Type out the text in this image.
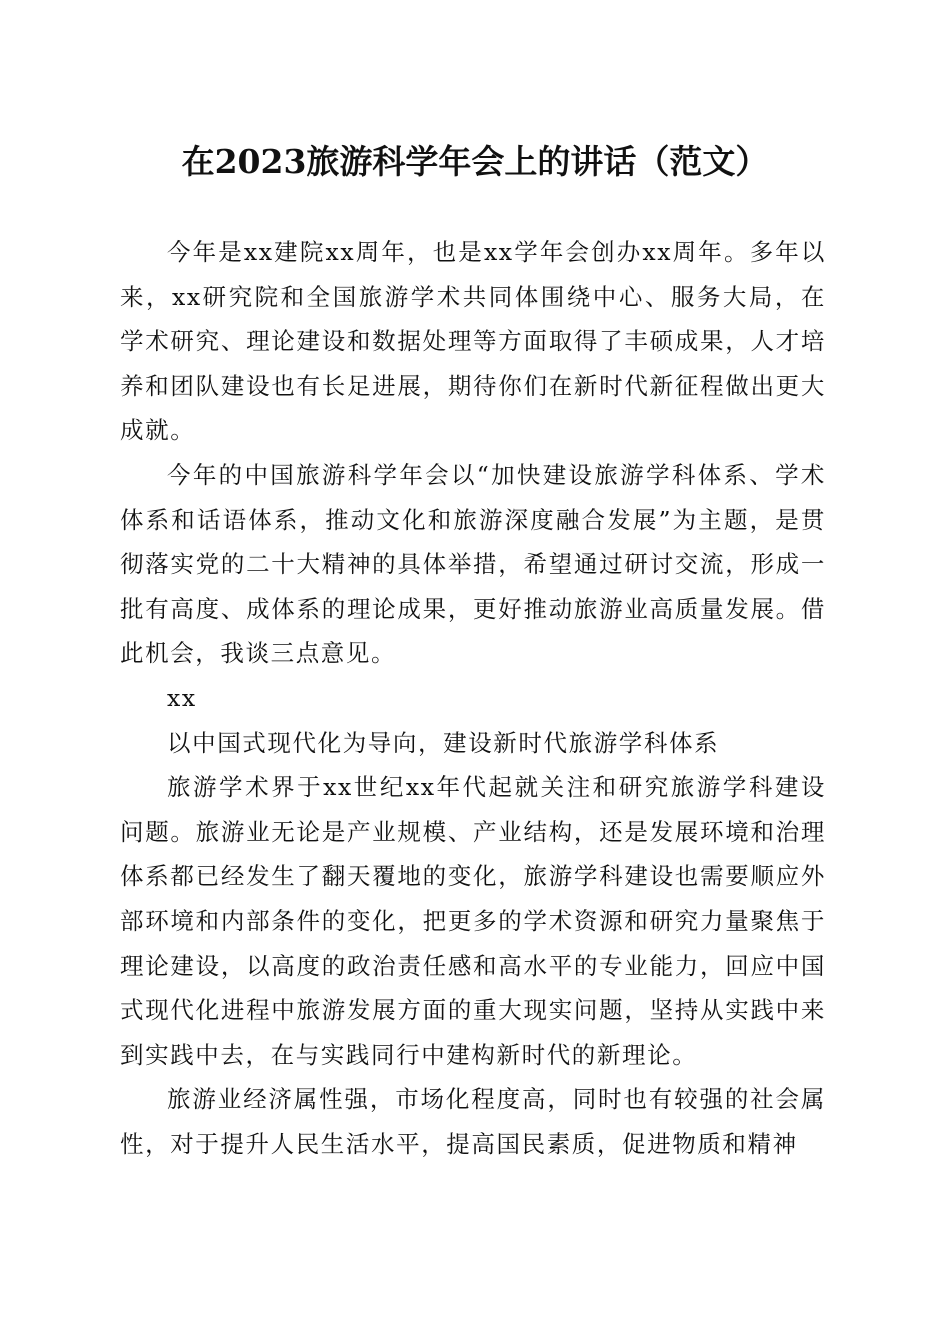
在2023旅游科学年会上的讲话（范文）

今年是xx建院xx周年，也是xx学年会创办xx周年。多年以来，xx研究院和全国旅游学术共同体围绕中心、服务大局，在学术研究、理论建设和数据处理等方面取得了丰硕成果，人才培养和团队建设也有长足进展，期待你们在新时代新征程做出更大成就。

今年的中国旅游科学年会以“加快建设旅游学科体系、学术体系和话语体系，推动文化和旅游深度融合发展”为主题，是贯彻落实党的二十大精神的具体举措，希望通过研讨交流，形成一批有高度、成体系的理论成果，更好推动旅游业高质量发展。借此机会，我谈三点意见。

xx

以中国式现代化为导向，建设新时代旅游学科体系

旅游学术界于xx世纪xx年代起就关注和研究旅游学科建设问题。旅游业无论是产业规模、产业结构，还是发展环境和治理体系都已经发生了翻天覆地的变化，旅游学科建设也需要顺应外部环境和内部条件的变化，把更多的学术资源和研究力量聚焦于理论建设，以高度的政治责任感和高水平的专业能力，回应中国式现代化进程中旅游发展方面的重大现实问题，坚持从实践中来到实践中去，在与实践同行中建构新时代的新理论。

旅游业经济属性强，市场化程度高，同时也有较强的社会属性，对于提升人民生活水平，提高国民素质，促进物质和精神
